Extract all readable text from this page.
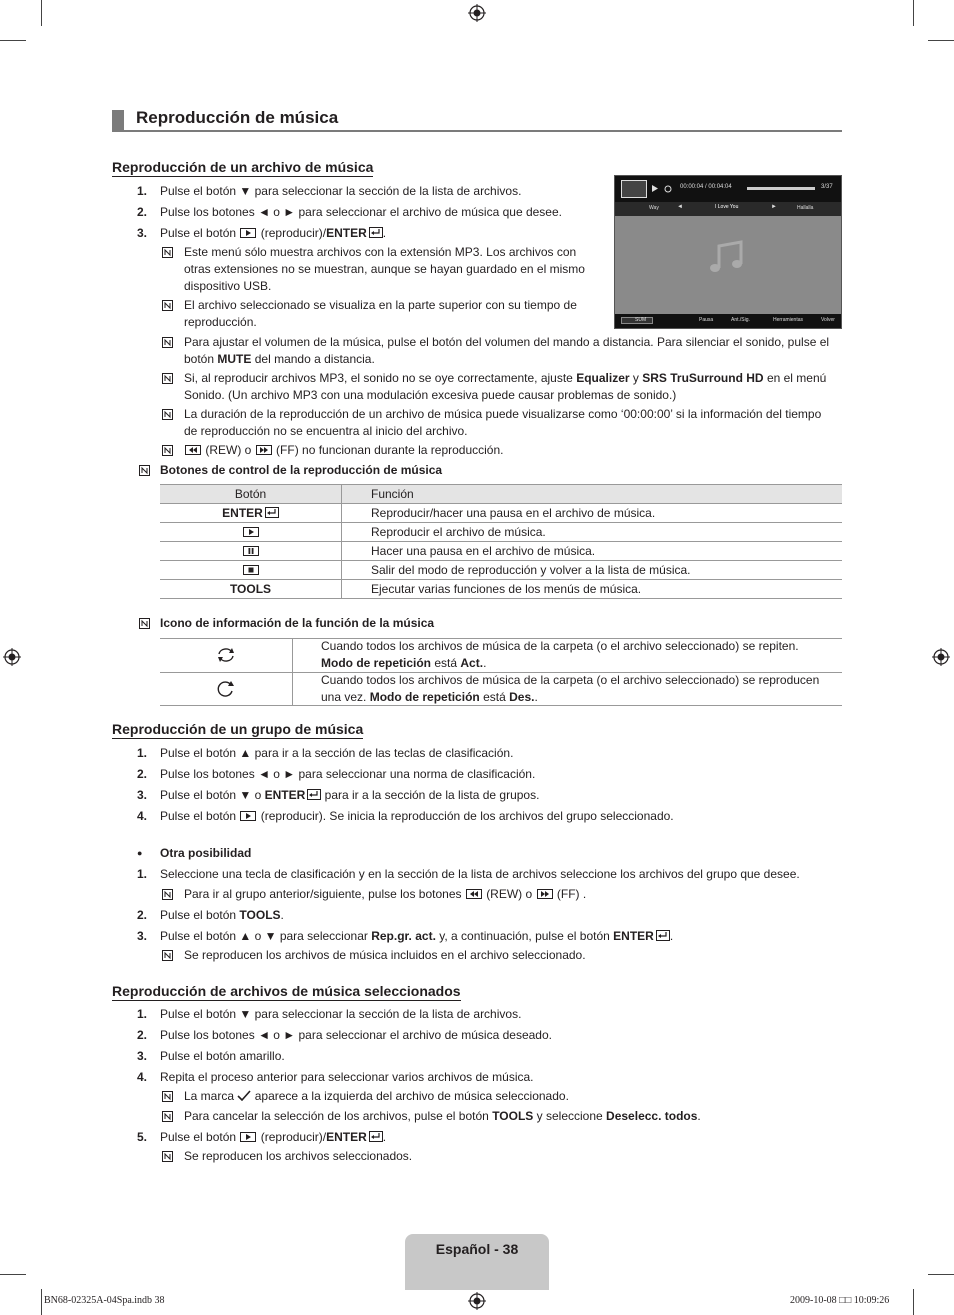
Reproducción de música
Reproducción de un archivo de música
1. Pulse el botón ▼ para seleccionar la sección de la lista de archivos.
2. Pulse los botones ◄ o ► para seleccionar el archivo de música que desee.
3. Pulse el botón (reproducir)/ENTER .
Este menú sólo muestra archivos con la extensión MP3. Los archivos con
otras extensiones no se muestran, aunque se hayan guardado en el mismo
dispositivo USB.
El archivo seleccionado se visualiza en la parte superior con su tiempo de
reproducción.
Para ajustar el volumen de la música, pulse el botón del volumen del mando a distancia. Para silenciar el sonido, pulse el
botón MUTE del mando a distancia.
Si, al reproducir archivos MP3, el sonido no se oye correctamente, ajuste Equalizer y SRS TruSurround HD en el menú
Sonido. (Un archivo MP3 con una modulación excesiva puede causar problemas de sonido.)
La duración de la reproducción de un archivo de música puede visualizarse como ‘00:00:00’ si la información del tiempo
de reproducción no se encuentra al inicio del archivo.
(REW) o (FF) no funcionan durante la reproducción.
00:00:04 / 00:04:04	3/37
Way	◄	I Love You	►	Hallalla
SUM	Pausa	Ant./Sig.	Herramientas	Volver
Botones de control de la reproducción de música
Botón	Función
ENTER	Reproducir/hacer una pausa en el archivo de música.

	Reproducir el archivo de música.

	Hacer una pausa en el archivo de música.

	Salir del modo de reproducción y volver a la lista de música.
TOOLS	Ejecutar varias funciones de los menús de música.
Icono de información de la función de la música
Cuando todos los archivos de música de la carpeta (o el archivo seleccionado) se repiten.
Modo de repetición está Act..
Cuando todos los archivos de música de la carpeta (o el archivo seleccionado) se reproducen
una vez. Modo de repetición está Des..
Reproducción de un grupo de música
1. Pulse el botón ▲ para ir a la sección de las teclas de clasificación.
2. Pulse los botones ◄ o ► para seleccionar una norma de clasificación.
3. Pulse el botón ▼ o ENTER para ir a la sección de la lista de grupos.
4. Pulse el botón (reproducir). Se inicia la reproducción de los archivos del grupo seleccionado.
● Otra posibilidad
1. Seleccione una tecla de clasificación y en la sección de la lista de archivos seleccione los archivos del grupo que desee.
Para ir al grupo anterior/siguiente, pulse los botones (REW) o (FF) .
2. Pulse el botón TOOLS.
3. Pulse el botón ▲ o ▼ para seleccionar Rep.gr. act. y, a continuación, pulse el botón ENTER .
Se reproducen los archivos de música incluidos en el archivo seleccionado.
Reproducción de archivos de música seleccionados
1. Pulse el botón ▼ para seleccionar la sección de la lista de archivos.
2. Pulse los botones ◄ o ► para seleccionar el archivo de música deseado.
3. Pulse el botón amarillo.
4. Repita el proceso anterior para seleccionar varios archivos de música.
La marca aparece a la izquierda del archivo de música seleccionado.
Para cancelar la selección de los archivos, pulse el botón TOOLS y seleccione Deselecc. todos.
5. Pulse el botón (reproducir)/ENTER .
Se reproducen los archivos seleccionados.
Español - 38
BN68-02325A-04Spa.indb 38	2009-10-08 □□ 10:09:26
